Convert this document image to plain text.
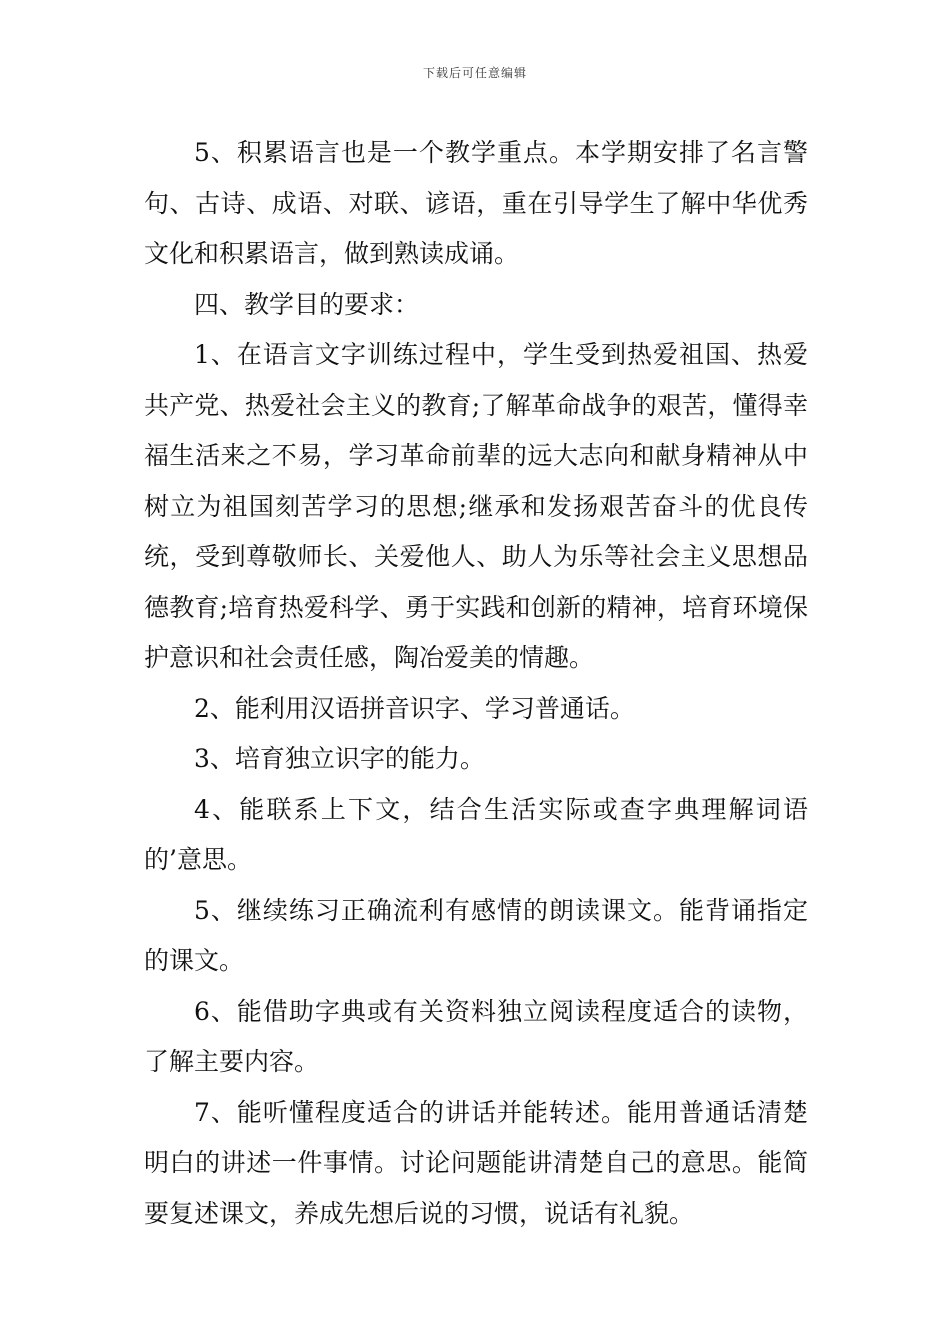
下载后可任意编辑

5、积累语言也是一个教学重点。本学期安排了名言警句、古诗、成语、对联、谚语，重在引导学生了解中华优秀文化和积累语言，做到熟读成诵。

四、教学目的要求：

1、在语言文字训练过程中，学生受到热爱祖国、热爱共产党、热爱社会主义的教育;了解革命战争的艰苦，懂得幸福生活来之不易，学习革命前辈的远大志向和献身精神从中树立为祖国刻苦学习的思想;继承和发扬艰苦奋斗的优良传统，受到尊敬师长、关爱他人、助人为乐等社会主义思想品德教育;培育热爱科学、勇于实践和创新的精神，培育环境保护意识和社会责任感，陶冶爱美的情趣。

2、能利用汉语拼音识字、学习普通话。

3、培育独立识字的能力。

4、能联系上下文，结合生活实际或查字典理解词语的’意思。

5、继续练习正确流利有感情的朗读课文。能背诵指定的课文。

6、能借助字典或有关资料独立阅读程度适合的读物，了解主要内容。

7、能听懂程度适合的讲话并能转述。能用普通话清楚明白的讲述一件事情。讨论问题能讲清楚自己的意思。能简要复述课文，养成先想后说的习惯，说话有礼貌。
